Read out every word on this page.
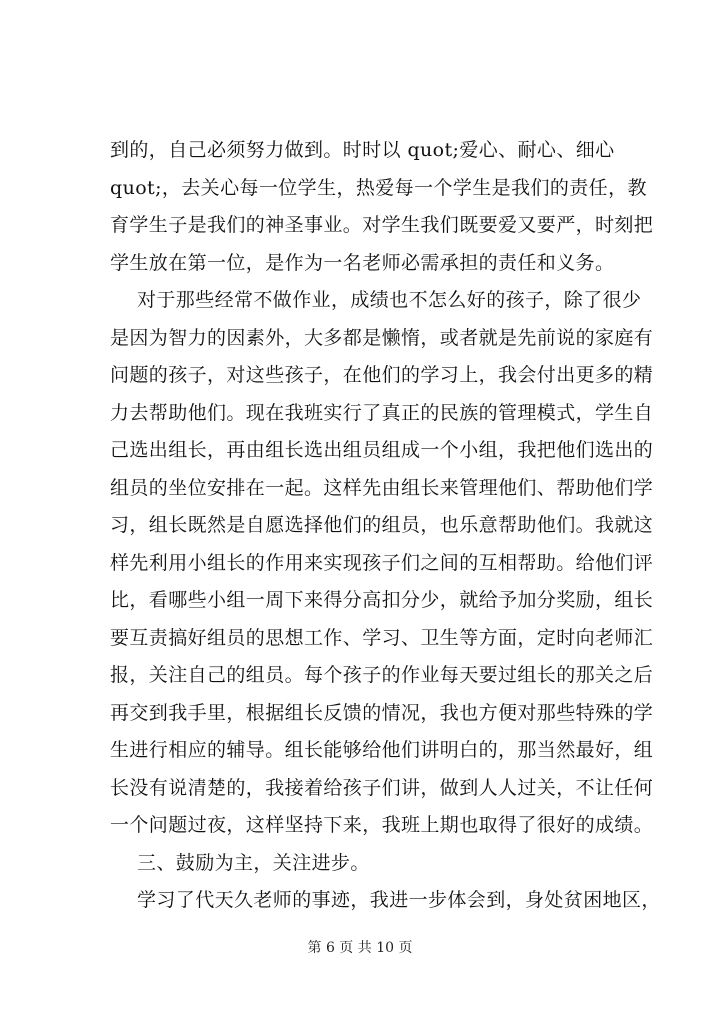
到的，自己必须努力做到。时时以 quot;爱心、耐心、细心
quot;，去关心每一位学生，热爱每一个学生是我们的责任，教
育学生子是我们的神圣事业。对学生我们既要爱又要严，时刻把
学生放在第一位，是作为一名老师必需承担的责任和义务。
对于那些经常不做作业，成绩也不怎么好的孩子，除了很少
是因为智力的因素外，大多都是懒惰，或者就是先前说的家庭有
问题的孩子，对这些孩子，在他们的学习上，我会付出更多的精
力去帮助他们。现在我班实行了真正的民族的管理模式，学生自
己选出组长，再由组长选出组员组成一个小组，我把他们选出的
组员的坐位安排在一起。这样先由组长来管理他们、帮助他们学
习，组长既然是自愿选择他们的组员，也乐意帮助他们。我就这
样先利用小组长的作用来实现孩子们之间的互相帮助。给他们评
比，看哪些小组一周下来得分高扣分少，就给予加分奖励，组长
要互责搞好组员的思想工作、学习、卫生等方面，定时向老师汇
报，关注自己的组员。每个孩子的作业每天要过组长的那关之后
再交到我手里，根据组长反馈的情况，我也方便对那些特殊的学
生进行相应的辅导。组长能够给他们讲明白的，那当然最好，组
长没有说清楚的，我接着给孩子们讲，做到人人过关，不让任何
一个问题过夜，这样坚持下来，我班上期也取得了很好的成绩。
三、鼓励为主，关注进步。
学习了代天久老师的事迹，我进一步体会到，身处贫困地区，
第 6 页 共 10 页
